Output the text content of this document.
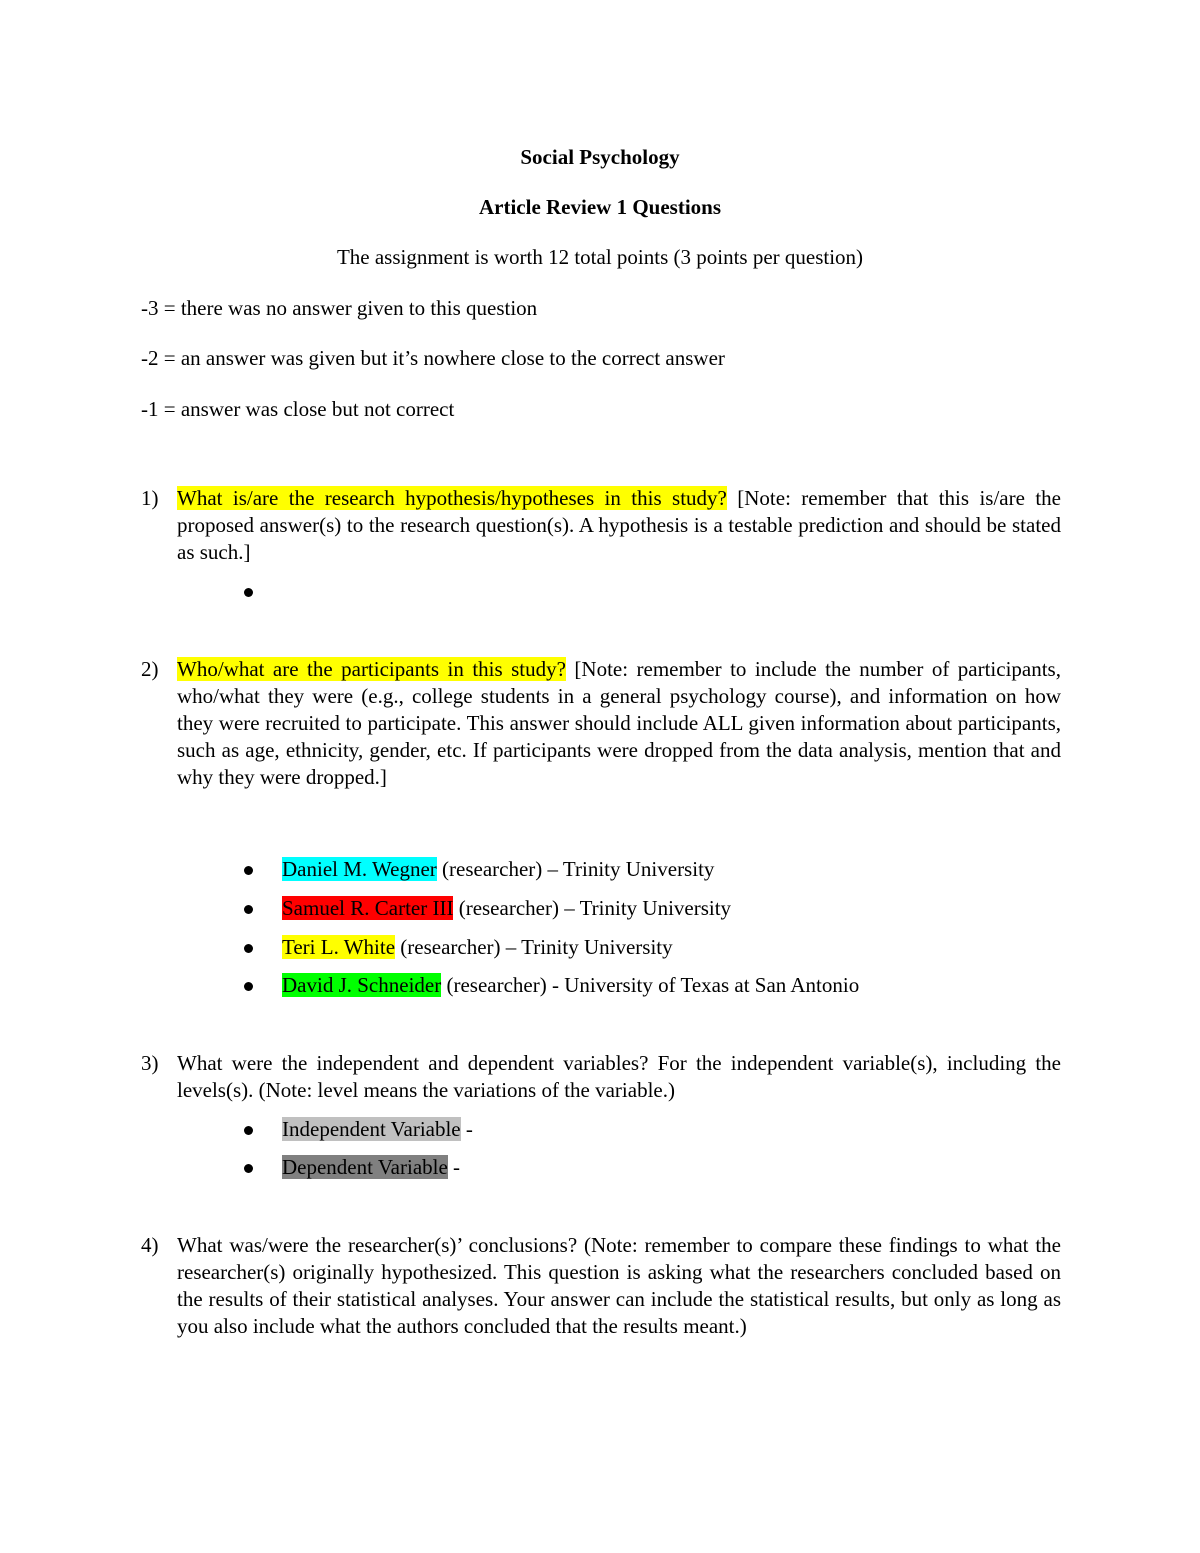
Social Psychology
Article Review 1 Questions
The assignment is worth 12 total points (3 points per question)
-3 = there was no answer given to this question
-2 = an answer was given but it’s nowhere close to the correct answer
-1 = answer was close but not correct
1) What is/are the research hypothesis/hypotheses in this study? [Note: remember that this is/are the proposed answer(s) to the research question(s). A hypothesis is a testable prediction and should be stated as such.]
2) Who/what are the participants in this study? [Note: remember to include the number of participants, who/what they were (e.g., college students in a general psychology course), and information on how they were recruited to participate. This answer should include ALL given information about participants, such as age, ethnicity, gender, etc. If participants were dropped from the data analysis, mention that and why they were dropped.]
Daniel M. Wegner (researcher) – Trinity University
Samuel R. Carter III (researcher) – Trinity University
Teri L. White (researcher) – Trinity University
David J. Schneider (researcher) - University of Texas at San Antonio
3) What were the independent and dependent variables? For the independent variable(s), including the levels(s). (Note: level means the variations of the variable.)
Independent Variable -
Dependent Variable -
4) What was/were the researcher(s)’ conclusions? (Note: remember to compare these findings to what the researcher(s) originally hypothesized. This question is asking what the researchers concluded based on the results of their statistical analyses. Your answer can include the statistical results, but only as long as you also include what the authors concluded that the results meant.)
